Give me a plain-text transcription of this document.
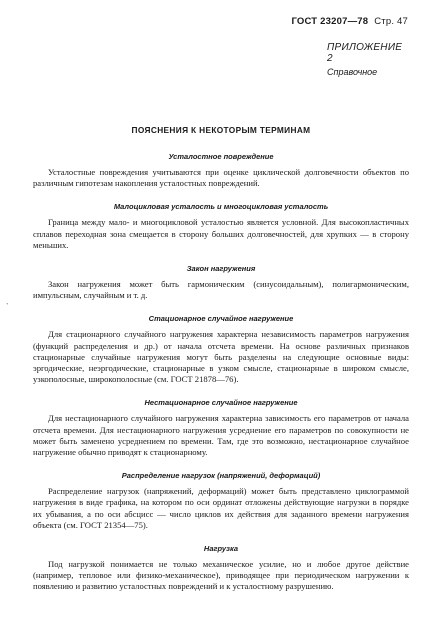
ГОСТ 23207—78 Стр. 47
ПРИЛОЖЕНИЕ 2
Справочное
`
ПОЯСНЕНИЯ К НЕКОТОРЫМ ТЕРМИНАМ
Усталостное повреждение

Усталостные повреждения учитываются при оценке циклической долговечности объектов по различным гипотезам накопления усталостных повреждений.

Малоцикловая усталость и многоцикловая усталость

Граница между мало- и многоцикловой усталостью является условной. Для высокопластичных сплавов переходная зона смещается в сторону больших долговечностей, для хрупких — в сторону меньших.

Закон нагружения

Закон нагружения может быть гармоническим (синусоидальным), полигармоническим, импульсным, случайным и т. д.

Стационарное случайное нагружение

Для стационарного случайного нагружения характерна независимость параметров нагружения (функций распределения и др.) от начала отсчета времени. На основе различных признаков стационарные случайные нагружения могут быть разделены на следующие основные виды: эргодические, неэргодические, стационарные в узком смысле, стационарные в широком смысле, узкополосные, широкополосные (см. ГОСТ 21878—76).

Нестационарное случайное нагружение

Для нестационарного случайного нагружения характерна зависимость его параметров от начала отсчета времени. Для нестационарного нагружения усреднение его параметров по совокупности не может быть заменено усреднением по времени. Там, где это возможно, нестационарное случайное нагружение обычно приводят к стационарному.

Распределение нагрузок (напряжений, деформаций)

Распределение нагрузок (напряжений, деформаций) может быть представлено циклограммой нагружения в виде графика, на котором по оси ординат отложены действующие нагрузки в порядке их убывания, а по оси абсцисс — число циклов их действия для заданного времени нагружения объекта (см. ГОСТ 21354—75).

Нагрузка

Под нагрузкой понимается не только механическое усилие, но и любое другое действие (например, тепловое или физико-механическое), приводящее при периодическом нагружении к появлению и развитию усталостных повреждений и к усталостному разрушению.
